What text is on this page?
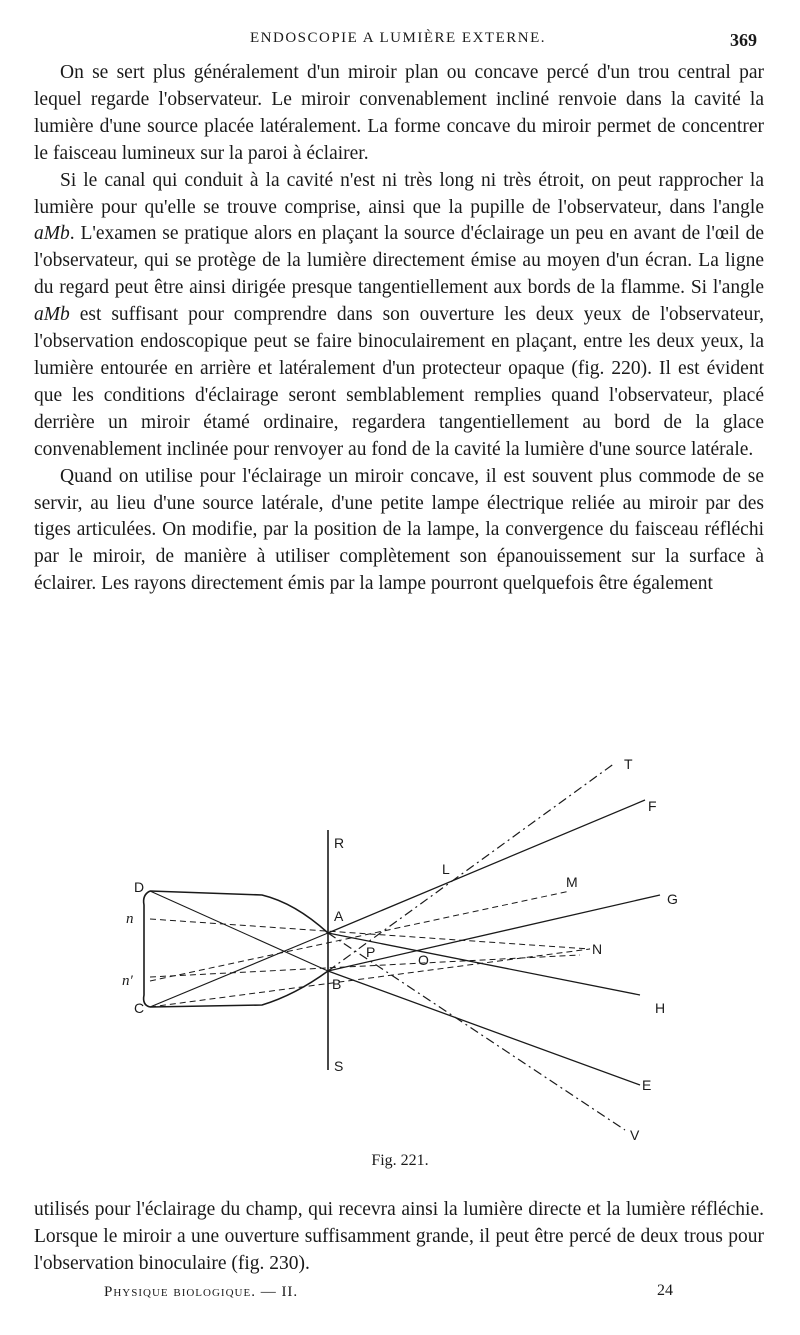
ENDOSCOPIE A LUMIÈRE EXTERNE.	369

On se sert plus généralement d'un miroir plan ou concave percé d'un trou central par lequel regarde l'observateur. Le miroir convenablement incliné renvoie dans la cavité la lumière d'une source placée latéralement. La forme concave du miroir permet de concentrer le faisceau lumineux sur la paroi à éclairer.

Si le canal qui conduit à la cavité n'est ni très long ni très étroit, on peut rapprocher la lumière pour qu'elle se trouve comprise, ainsi que la pupille de l'observateur, dans l'angle aMb. L'examen se pratique alors en plaçant la source d'éclairage un peu en avant de l'œil de l'observateur, qui se protège de la lumière directement émise au moyen d'un écran. La ligne du regard peut être ainsi dirigée presque tangentiellement aux bords de la flamme. Si l'angle aMb est suffisant pour comprendre dans son ouverture les deux yeux de l'observateur, l'observation endoscopique peut se faire binoculairement en plaçant, entre les deux yeux, la lumière entourée en arrière et latéralement d'un protecteur opaque (fig. 220). Il est évident que les conditions d'éclairage seront semblablement remplies quand l'observateur, placé derrière un miroir étamé ordinaire, regardera tangentiellement au bord de la glace convenablement inclinée pour renvoyer au fond de la cavité la lumière d'une source latérale.

Quand on utilise pour l'éclairage un miroir concave, il est souvent plus commode de se servir, au lieu d'une source latérale, d'une petite lampe électrique reliée au miroir par des tiges articulées. On modifie, par la position de la lampe, la convergence du faisceau réfléchi par le miroir, de manière à utiliser complètement son épanouissement sur la surface à éclairer. Les rayons directement émis par la lampe pourront quelquefois être également

T
F
R
L
M
G
D
n	A
P	N
O
n′	B
C	H
S
E
V
Fig. 221.

utilisés pour l'éclairage du champ, qui recevra ainsi la lumière directe et la lumière réfléchie. Lorsque le miroir a une ouverture suffisamment grande, il peut être percé de deux trous pour l'observation binoculaire (fig. 230).

Physique biologique. — II.	24
